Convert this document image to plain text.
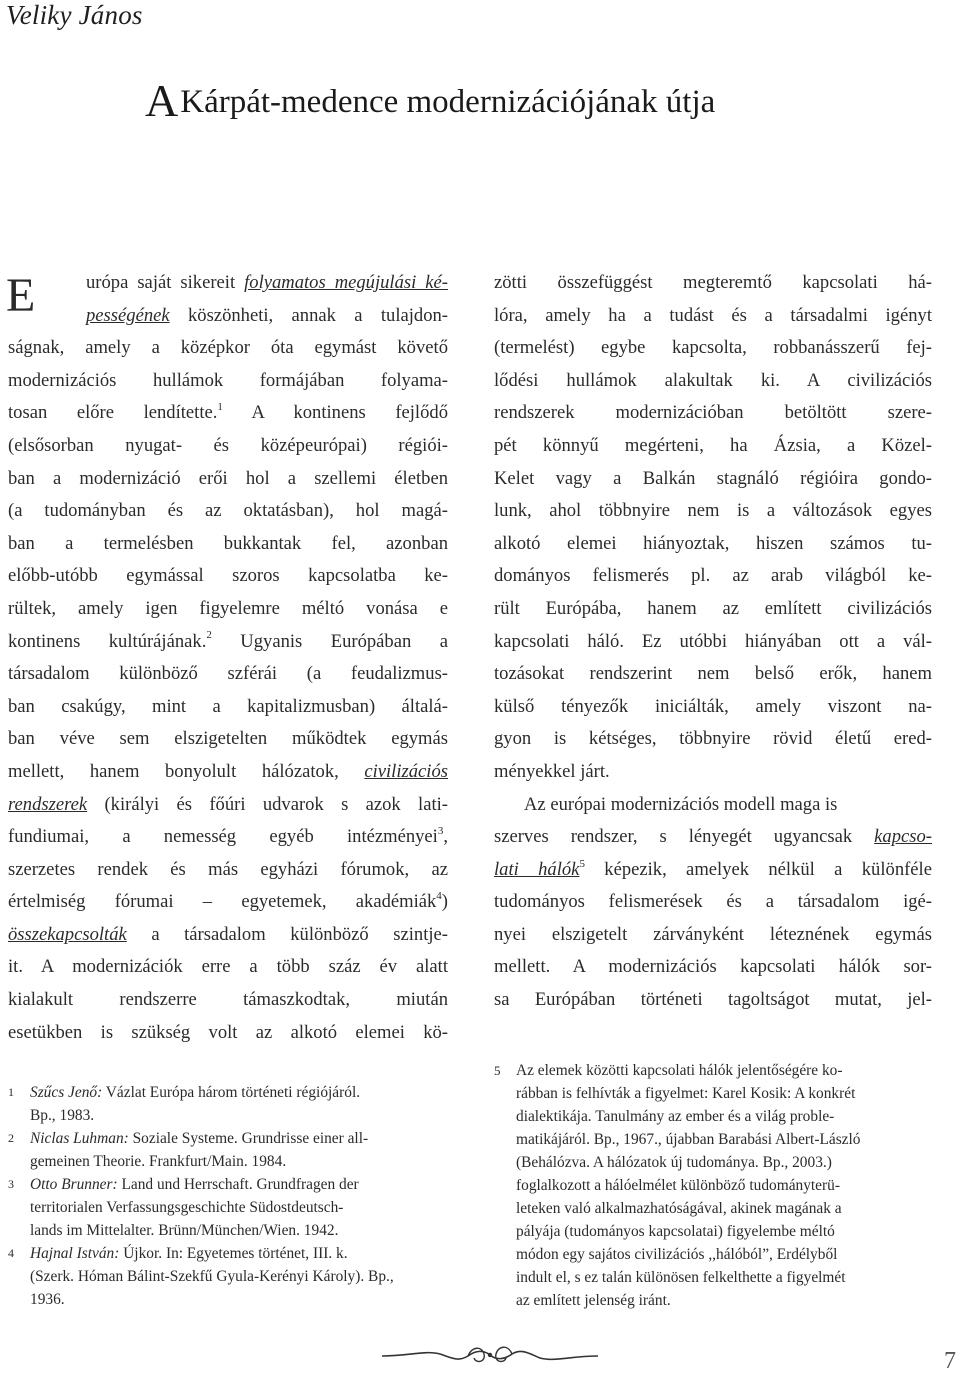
Veliky János
AKárpát-medence modernizációjának útja
E	urópa saját sikereit folyamatos megújulási ké-
pességének köszönheti, annak a tulajdon-
ságnak, amely a középkor óta egymást követő
modernizációs hullámok formájában folyama-
tosan előre lendítette.$^1$ A kontinens fejlődő
(elsősorban nyugat- és középeurópai) régiói-
ban a modernizáció erői hol a szellemi életben
(a tudományban és az oktatásban), hol magá-
ban a termelésben bukkantak fel, azonban
előbb-utóbb egymással szoros kapcsolatba ke-
rültek, amely igen figyelemre méltó vonása e
kontinens kultúrájának.$^2$ Ugyanis Európában a
társadalom különböző szférái (a feudalizmus-
ban csakúgy, mint a kapitalizmusban) általá-
ban véve sem elszigetelten működtek egymás
mellett, hanem bonyolult hálózatok, civilizációs
rendszerek (királyi és főúri udvarok s azok lati-
fundiumai, a nemesség egyéb intézményei$^3$,
szerzetes rendek és más egyházi fórumok, az
értelmiség fórumai – egyetemek, akadémiák$^4$)
összekapcsolták a társadalom különböző szintje-
it. A modernizációk erre a több száz év alatt
kialakult rendszerre támaszkodtak, miután
esetükben is szükség volt az alkotó elemei kö-
zötti összefüggést megteremtő kapcsolati há-
lóra, amely ha a tudást és a társadalmi igényt
(termelést) egybe kapcsolta, robbanásszerű fej-
lődési hullámok alakultak ki. A civilizációs
rendszerek modernizációban betöltött szere-
pét könnyű megérteni, ha Ázsia, a Közel-
Kelet vagy a Balkán stagnáló régióira gondo-
lunk, ahol többnyire nem is a változások egyes
alkotó elemei hiányoztak, hiszen számos tu-
dományos felismerés pl. az arab világból ke-
rült Európába, hanem az említett civilizációs
kapcsolati háló. Ez utóbbi hiányában ott a vál-
tozásokat rendszerint nem belső erők, hanem
külső tényezők iniciálták, amely viszont na-
gyon is kétséges, többnyire rövid életű ered-
ményekkel járt.
Az európai modernizációs modell maga is
szerves rendszer, s lényegét ugyancsak kapcso-
lati hálók$^5$ képezik, amelyek nélkül a különféle
tudományos felismerések és a társadalom igé-
nyei elszigetelt zárványként léteznének egymás
mellett. A modernizációs kapcsolati hálók sor-
sa Európában történeti tagoltságot mutat, jel-
1 Szűcs Jenő: Vázlat Európa három történeti régiójáról.
Bp., 1983.
2 Niclas Luhman: Soziale Systeme. Grundrisse einer all-
gemeinen Theorie. Frankfurt/Main. 1984.
3 Otto Brunner: Land und Herrschaft. Grundfragen der
territorialen Verfassungsgeschichte Südostdeutsch-
lands im Mittelalter. Brünn/München/Wien. 1942.
4 Hajnal István: Újkor. In: Egyetemes történet, III. k.
(Szerk. Hóman Bálint-Szekfű Gyula-Kerényi Károly). Bp.,
1936.
5 Az elemek közötti kapcsolati hálók jelentőségére ko-
rábban is felhívták a figyelmet: Karel Kosik: A konkrét
dialektikája. Tanulmány az ember és a világ proble-
matikájáról. Bp., 1967., újabban Barabási Albert-László
(Behálózva. A hálózatok új tudománya. Bp., 2003.)
foglalkozott a hálóelmélet különböző tudományterü-
leteken való alkalmazhatóságával, akinek magának a
pályája (tudományos kapcsolatai) figyelembe méltó
módon egy sajátos civilizációs ,,hálóból”, Erdélyből
indult el, s ez talán különösen felkelthette a figyelmét
az említett jelenség iránt.
7
